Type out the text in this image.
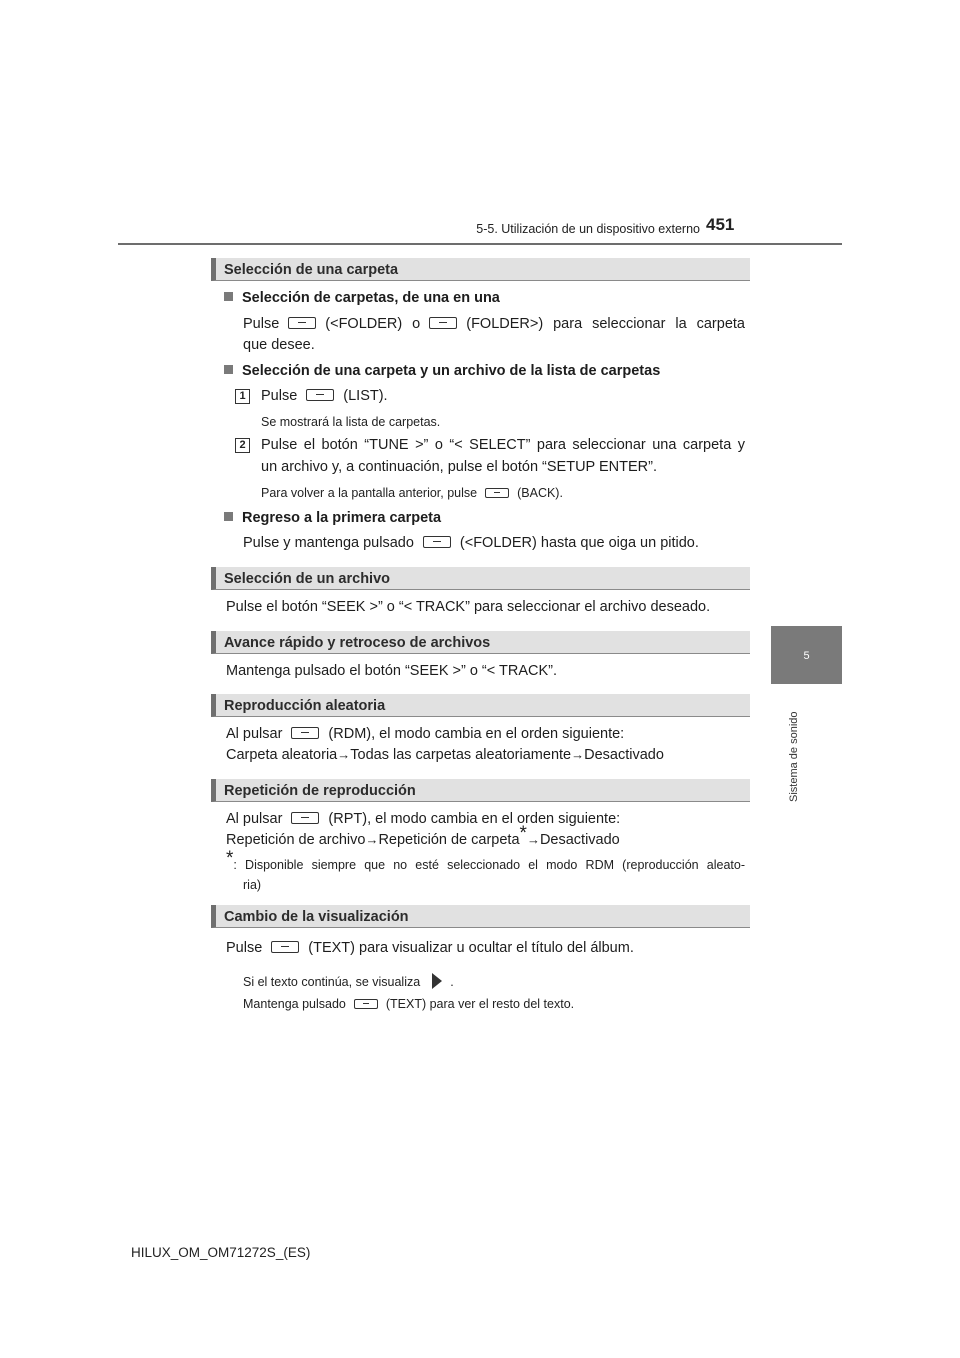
5-5. Utilización de un dispositivo externo 451
5
Sistema de sonido
Selección de una carpeta
Selección de carpetas, de una en una
Pulse	(<FOLDER) o	(FOLDER>) para seleccionar la carpeta
que desee.
Selección de una carpeta y un archivo de la lista de carpetas
1	Pulse	(LIST).
Se mostrará la lista de carpetas.
2	Pulse el botón “TUNE >” o “< SELECT” para seleccionar una carpeta y
un archivo y, a continuación, pulse el botón “SETUP ENTER”.
Para volver a la pantalla anterior, pulse	(BACK).
Regreso a la primera carpeta
Pulse y mantenga pulsado	(<FOLDER) hasta que oiga un pitido.
Selección de un archivo
Pulse el botón “SEEK >” o “< TRACK” para seleccionar el archivo deseado.
Avance rápido y retroceso de archivos
Mantenga pulsado el botón “SEEK >” o “< TRACK”.
Reproducción aleatoria
Al pulsar	(RDM), el modo cambia en el orden siguiente:
Carpeta aleatoria→Todas las carpetas aleatoriamente→Desactivado
Repetición de reproducción
Al pulsar	(RPT), el modo cambia en el orden siguiente:
Repetición de archivo→Repetición de carpeta*→Desactivado
*: Disponible siempre que no esté seleccionado el modo RDM (reproducción aleato-
ria)
Cambio de la visualización
Pulse	(TEXT) para visualizar u ocultar el título del álbum.
Si el texto continúa, se visualiza .
Mantenga pulsado	(TEXT) para ver el resto del texto.
HILUX_OM_OM71272S_(ES)
